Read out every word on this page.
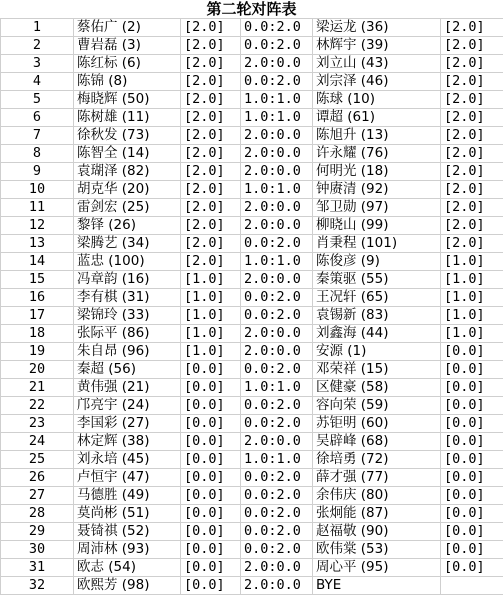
第二轮对阵表
1	蔡佑广 (2)	[2.0]	0.0:2.0	梁运龙 (36)	[2.0]
2	曹岩磊 (3)	[2.0]	0.0:2.0	林辉宇 (39)	[2.0]
3	陈红标 (6)	[2.0]	2.0:0.0	刘立山 (43)	[2.0]
4	陈锦 (8)	[2.0]	0.0:2.0	刘宗泽 (46)	[2.0]
5	梅晓辉 (50)	[2.0]	1.0:1.0	陈球 (10)	[2.0]
6	陈树雄 (11)	[2.0]	1.0:1.0	谭超 (61)	[2.0]
7	徐秋发 (73)	[2.0]	2.0:0.0	陈旭升 (13)	[2.0]
8	陈智全 (14)	[2.0]	2.0:0.0	许永耀 (76)	[2.0]
9	袁瑚泽 (82)	[2.0]	2.0:0.0	何明光 (18)	[2.0]
10	胡克华 (20)	[2.0]	1.0:1.0	钟赓清 (92)	[2.0]
11	雷剑宏 (25)	[2.0]	2.0:0.0	邹卫勋 (97)	[2.0]
12	黎铎 (26)	[2.0]	2.0:0.0	柳晓山 (99)	[2.0]
13	梁腾艺 (34)	[2.0]	0.0:2.0	肖秉程 (101)	[2.0]
14	蓝忠 (100)	[2.0]	1.0:1.0	陈俊彦 (9)	[1.0]
15	冯章韵 (16)	[1.0]	2.0:0.0	秦策驱 (55)	[1.0]
16	李有棋 (31)	[1.0]	0.0:2.0	王况轩 (65)	[1.0]
17	梁锦玲 (33)	[1.0]	0.0:2.0	袁锡新 (83)	[1.0]
18	张际平 (86)	[1.0]	2.0:0.0	刘鑫海 (44)	[1.0]
19	朱自昂 (96)	[1.0]	2.0:0.0	安源 (1)	[0.0]
20	秦超 (56)	[0.0]	0.0:2.0	邓荣祥 (15)	[0.0]
21	黄伟强 (21)	[0.0]	1.0:1.0	区健豪 (58)	[0.0]
22	邝亮宇 (24)	[0.0]	0.0:2.0	容向荣 (59)	[0.0]
23	李国彩 (27)	[0.0]	0.0:2.0	苏钜明 (60)	[0.0]
24	林定辉 (38)	[0.0]	2.0:0.0	吴辟峰 (68)	[0.0]
25	刘永培 (45)	[0.0]	1.0:1.0	徐培勇 (72)	[0.0]
26	卢恒宇 (47)	[0.0]	0.0:2.0	薛才强 (77)	[0.0]
27	马德胜 (49)	[0.0]	0.0:2.0	余伟庆 (80)	[0.0]
28	莫尚彬 (51)	[0.0]	0.0:2.0	张炯能 (87)	[0.0]
29	聂锜祺 (52)	[0.0]	0.0:2.0	赵福敬 (90)	[0.0]
30	周沛林 (93)	[0.0]	0.0:2.0	欧伟棠 (53)	[0.0]
31	欧志 (54)	[0.0]	2.0:0.0	周心平 (95)	[0.0]
32	欧熙芳 (98)	[0.0]	2.0:0.0	BYE	
